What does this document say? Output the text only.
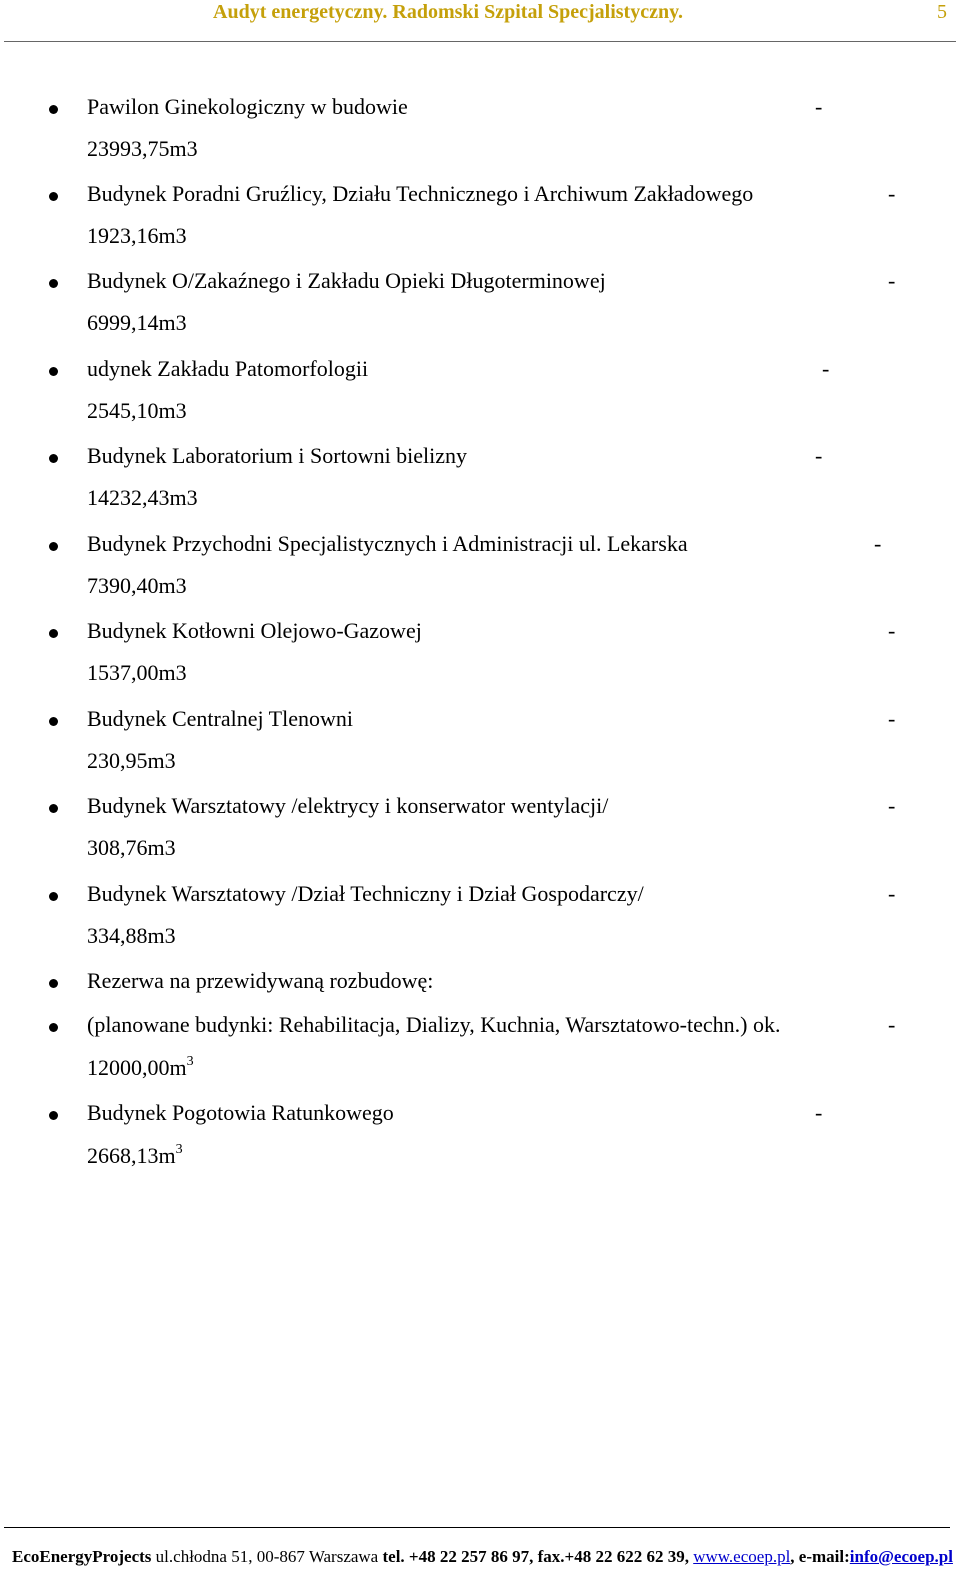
Audyt energetyczny. Radomski Szpital Specjalistyczny.	5
Pawilon Ginekologiczny w budowie	-
23993,75m3
Budynek Poradni Gruźlicy, Działu Technicznego i Archiwum Zakładowego	-
1923,16m3
Budynek O/Zakaźnego i Zakładu Opieki Długoterminowej	-
6999,14m3
udynek Zakładu Patomorfologii	-
2545,10m3
Budynek Laboratorium i Sortowni bielizny	-
14232,43m3
Budynek Przychodni Specjalistycznych i Administracji ul. Lekarska	-
7390,40m3
Budynek Kotłowni Olejowo-Gazowej	-
1537,00m3
Budynek Centralnej Tlenowni	-
230,95m3
Budynek Warsztatowy /elektrycy i konserwator wentylacji/	-
308,76m3
Budynek Warsztatowy /Dział Techniczny i Dział Gospodarczy/	-
334,88m3
Rezerwa na przewidywaną rozbudowę:
(planowane budynki: Rehabilitacja, Dializy, Kuchnia, Warsztatowo-techn.) ok.	-
$12000,00m^3$
Budynek Pogotowia Ratunkowego	-
$2668,13m^3$
EcoEnergyProjects ul.chłodna 51, 00-867 Warszawa tel. +48 22 257 86 97, fax.+48 22 622 62 39, www.ecoep.pl, e-mail:info@ecoep.pl
